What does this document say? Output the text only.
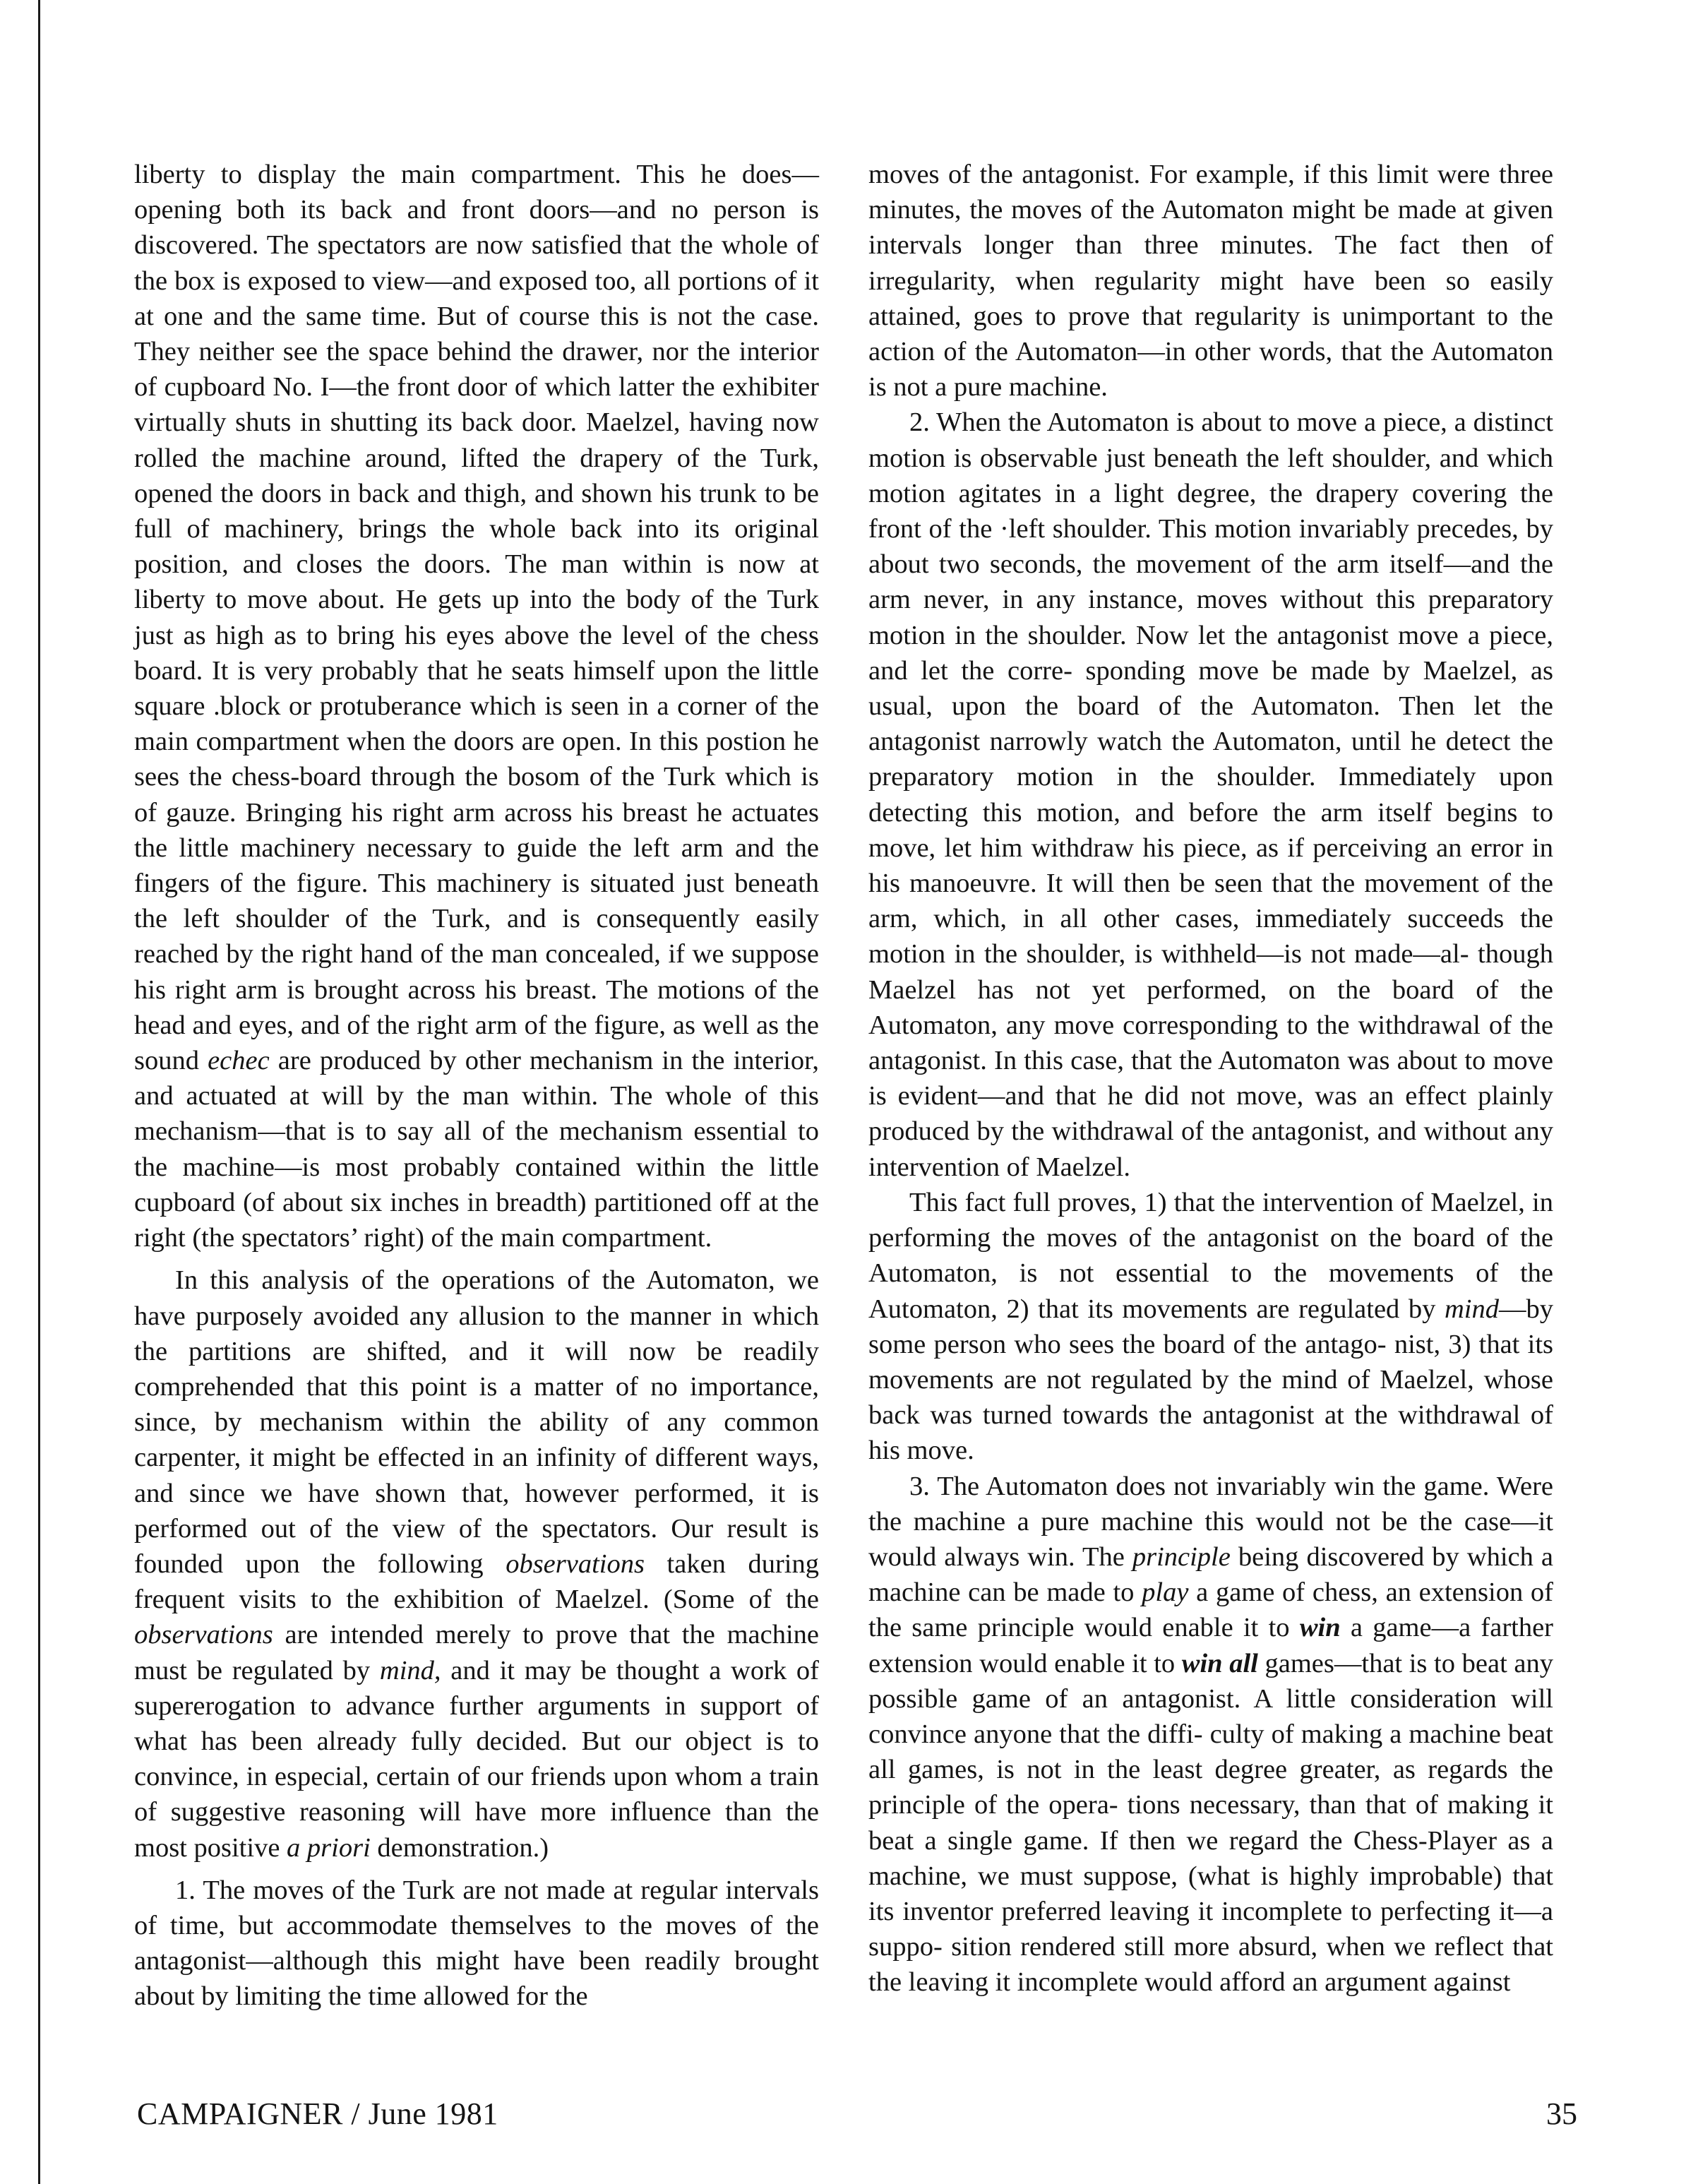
liberty to display the main compartment. This he does—opening both its back and front doors—and no person is discovered. The spectators are now satisfied that the whole of the box is exposed to view—and exposed too, all portions of it at one and the same time. But of course this is not the case. They neither see the space behind the drawer, nor the interior of cupboard No. I—the front door of which latter the exhibiter virtually shuts in shutting its back door. Maelzel, having now rolled the machine around, lifted the drapery of the Turk, opened the doors in back and thigh, and shown his trunk to be full of machinery, brings the whole back into its original position, and closes the doors. The man within is now at liberty to move about. He gets up into the body of the Turk just as high as to bring his eyes above the level of the chess board. It is very probably that he seats himself upon the little square .block or protuberance which is seen in a corner of the main compartment when the doors are open. In this postion he sees the chess-board through the bosom of the Turk which is of gauze. Bringing his right arm across his breast he actuates the little machinery necessary to guide the left arm and the fingers of the figure. This machinery is situated just beneath the left shoulder of the Turk, and is consequently easily reached by the right hand of the man concealed, if we suppose his right arm is brought across his breast. The motions of the head and eyes, and of the right arm of the figure, as well as the sound echec are produced by other mechanism in the interior, and actuated at will by the man within. The whole of this mechanism—that is to say all of the mechanism essential to the machine—is most probably contained within the little cupboard (of about six inches in breadth) partitioned off at the right (the spectators’ right) of the main compartment.

In this analysis of the operations of the Automaton, we have purposely avoided any allusion to the manner in which the partitions are shifted, and it will now be readily comprehended that this point is a matter of no importance, since, by mechanism within the ability of any common carpenter, it might be effected in an infinity of different ways, and since we have shown that, however performed, it is performed out of the view of the spectators. Our result is founded upon the following observations taken during frequent visits to the exhibition of Maelzel. (Some of the observations are intended merely to prove that the machine must be regulated by mind, and it may be thought a work of supererogation to advance further arguments in support of what has been already fully decided. But our object is to convince, in especial, certain of our friends upon whom a train of suggestive reasoning will have more influence than the most positive a priori demonstration.)

1. The moves of the Turk are not made at regular intervals of time, but accommodate themselves to the moves of the antagonist—although this might have been readily brought about by limiting the time allowed for the

moves of the antagonist. For example, if this limit were three minutes, the moves of the Automaton might be made at given intervals longer than three minutes. The fact then of irregularity, when regularity might have been so easily attained, goes to prove that regularity is unimportant to the action of the Automaton—in other words, that the Automaton is not a pure machine.

2. When the Automaton is about to move a piece, a distinct motion is observable just beneath the left shoulder, and which motion agitates in a light degree, the drapery covering the front of the ·left shoulder. This motion invariably precedes, by about two seconds, the movement of the arm itself—and the arm never, in any instance, moves without this preparatory motion in the shoulder. Now let the antagonist move a piece, and let the corre- sponding move be made by Maelzel, as usual, upon the board of the Automaton. Then let the antagonist narrowly watch the Automaton, until he detect the preparatory motion in the shoulder. Immediately upon detecting this motion, and before the arm itself begins to move, let him withdraw his piece, as if perceiving an error in his manoeuvre. It will then be seen that the movement of the arm, which, in all other cases, immediately succeeds the motion in the shoulder, is withheld—is not made—al- though Maelzel has not yet performed, on the board of the Automaton, any move corresponding to the withdrawal of the antagonist. In this case, that the Automaton was about to move is evident—and that he did not move, was an effect plainly produced by the withdrawal of the antagonist, and without any intervention of Maelzel.

This fact full proves, 1) that the intervention of Maelzel, in performing the moves of the antagonist on the board of the Automaton, is not essential to the movements of the Automaton, 2) that its movements are regulated by mind—by some person who sees the board of the antago- nist, 3) that its movements are not regulated by the mind of Maelzel, whose back was turned towards the antagonist at the withdrawal of his move.

3. The Automaton does not invariably win the game. Were the machine a pure machine this would not be the case—it would always win. The principle being discovered by which a machine can be made to play a game of chess, an extension of the same principle would enable it to win a game—a farther extension would enable it to win all games—that is to beat any possible game of an antagonist. A little consideration will convince anyone that the diffi- culty of making a machine beat all games, is not in the least degree greater, as regards the principle of the opera- tions necessary, than that of making it beat a single game. If then we regard the Chess-Player as a machine, we must suppose, (what is highly improbable) that its inventor preferred leaving it incomplete to perfecting it—a suppo- sition rendered still more absurd, when we reflect that the leaving it incomplete would afford an argument against

CAMPAIGNER / June 1981	35
